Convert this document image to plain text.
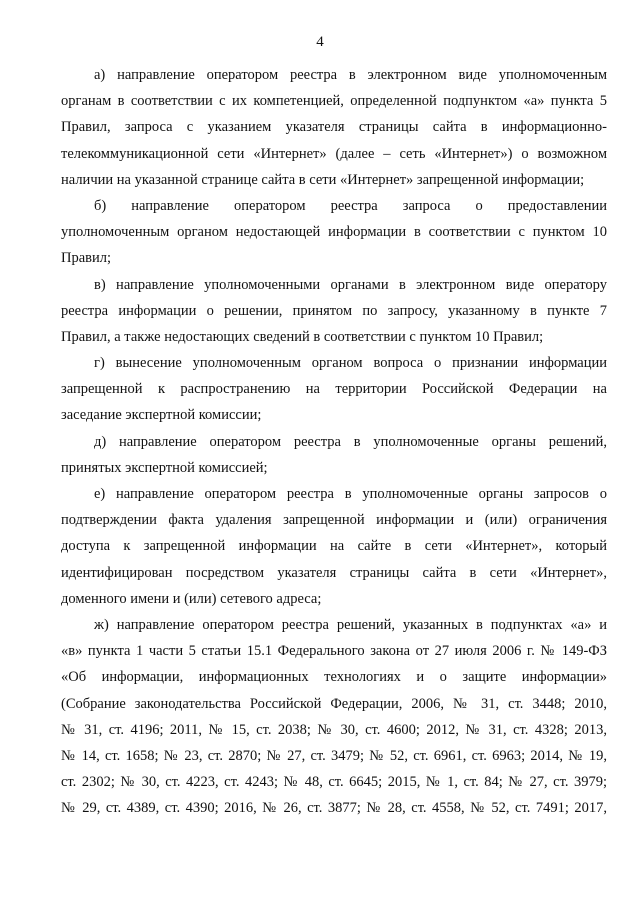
4
а) направление оператором реестра в электронном виде уполномоченным
органам в соответствии с их компетенцией, определенной подпунктом «а» пункта 5
Правил, запроса с указанием указателя страницы сайта в информационно-
телекоммуникационной сети «Интернет» (далее – сеть «Интернет») о возможном
наличии на указанной странице сайта в сети «Интернет» запрещенной информации;
б) направление оператором реестра запроса о предоставлении
уполномоченным органом недостающей информации в соответствии с пунктом 10
Правил;
в) направление уполномоченными органами в электронном виде оператору
реестра информации о решении, принятом по запросу, указанному в пункте 7
Правил, а также недостающих сведений в соответствии с пунктом 10 Правил;
г) вынесение уполномоченным органом вопроса о признании информации
запрещенной к распространению на территории Российской Федерации на
заседание экспертной комиссии;
д) направление оператором реестра в уполномоченные органы решений,
принятых экспертной комиссией;
е) направление оператором реестра в уполномоченные органы запросов о
подтверждении факта удаления запрещенной информации и (или) ограничения
доступа к запрещенной информации на сайте в сети «Интернет», который
идентифицирован посредством указателя страницы сайта в сети «Интернет»,
доменного имени и (или) сетевого адреса;
ж) направление оператором реестра решений, указанных в подпунктах «а» и
«в» пункта 1 части 5 статьи 15.1 Федерального закона от 27 июля 2006 г. № 149-ФЗ
«Об информации, информационных технологиях и о защите информации»
(Собрание законодательства Российской Федерации, 2006, № 31, ст. 3448; 2010,
№ 31, ст. 4196; 2011, № 15, ст. 2038; № 30, ст. 4600; 2012, № 31, ст. 4328; 2013,
№ 14, ст. 1658; № 23, ст. 2870; № 27, ст. 3479; № 52, ст. 6961, ст. 6963; 2014, № 19,
ст. 2302; № 30, ст. 4223, ст. 4243; № 48, ст. 6645; 2015, № 1, ст. 84; № 27, ст. 3979;
№ 29, ст. 4389, ст. 4390; 2016, № 26, ст. 3877; № 28, ст. 4558, № 52, ст. 7491; 2017,
